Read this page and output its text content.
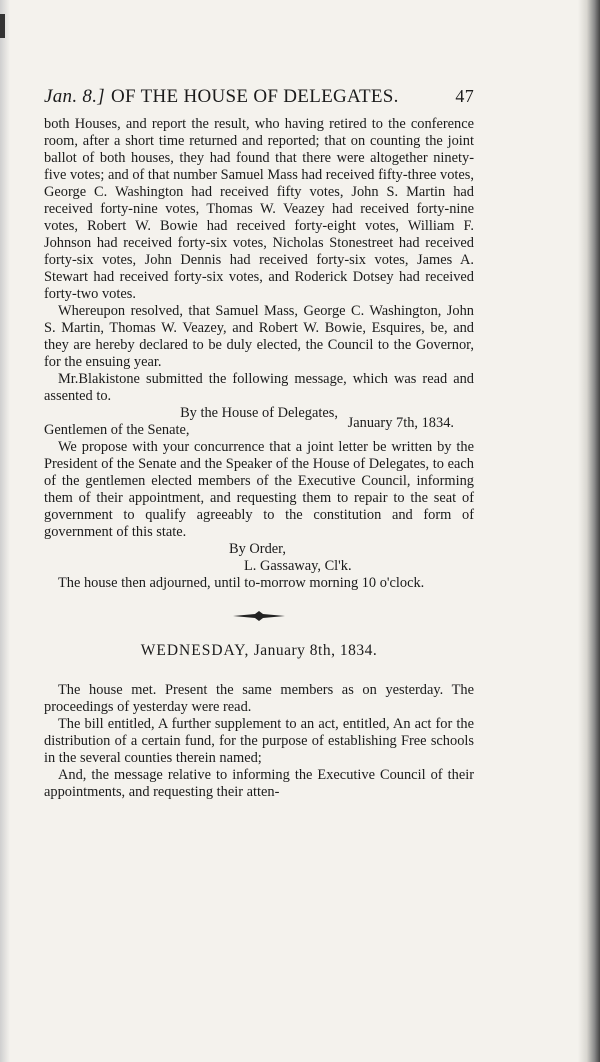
Jan. 8.] OF THE HOUSE OF DELEGATES.	47

both Houses, and report the result, who having retired to the conference room, after a short time returned and reported; that on counting the joint ballot of both houses, they had found that there were altogether ninety-five votes; and of that number Samuel Mass had received fifty-three votes, George C. Washington had received fifty votes, John S. Martin had received forty-nine votes, Thomas W. Veazey had received forty-nine votes, Robert W. Bowie had received forty-eight votes, William F. Johnson had received forty-six votes, Nicholas Stonestreet had received forty-six votes, John Dennis had received forty-six votes, James A. Stewart had received forty-six votes, and Roderick Dotsey had received forty-two votes.

Whereupon resolved, that Samuel Mass, George C. Washington, John S. Martin, Thomas W. Veazey, and Robert W. Bowie, Esquires, be, and they are hereby declared to be duly elected, the Council to the Governor, for the ensuing year.

Mr.Blakistone submitted the following message, which was read and assented to.

By the House of Delegates,
Gentlemen of the Senate,	January 7th, 1834.

We propose with your concurrence that a joint letter be written by the President of the Senate and the Speaker of the House of Delegates, to each of the gentlemen elected members of the Executive Council, informing them of their appointment, and requesting them to repair to the seat of government to qualify agreeably to the constitution and form of government of this state.

By Order,
L. Gassaway, Cl'k.

The house then adjourned, until to-morrow morning 10 o'clock.

WEDNESDAY, January 8th, 1834.

The house met. Present the same members as on yesterday. The proceedings of yesterday were read.

The bill entitled, A further supplement to an act, entitled, An act for the distribution of a certain fund, for the purpose of establishing Free schools in the several counties therein named;

And, the message relative to informing the Executive Council of their appointments, and requesting their atten-
